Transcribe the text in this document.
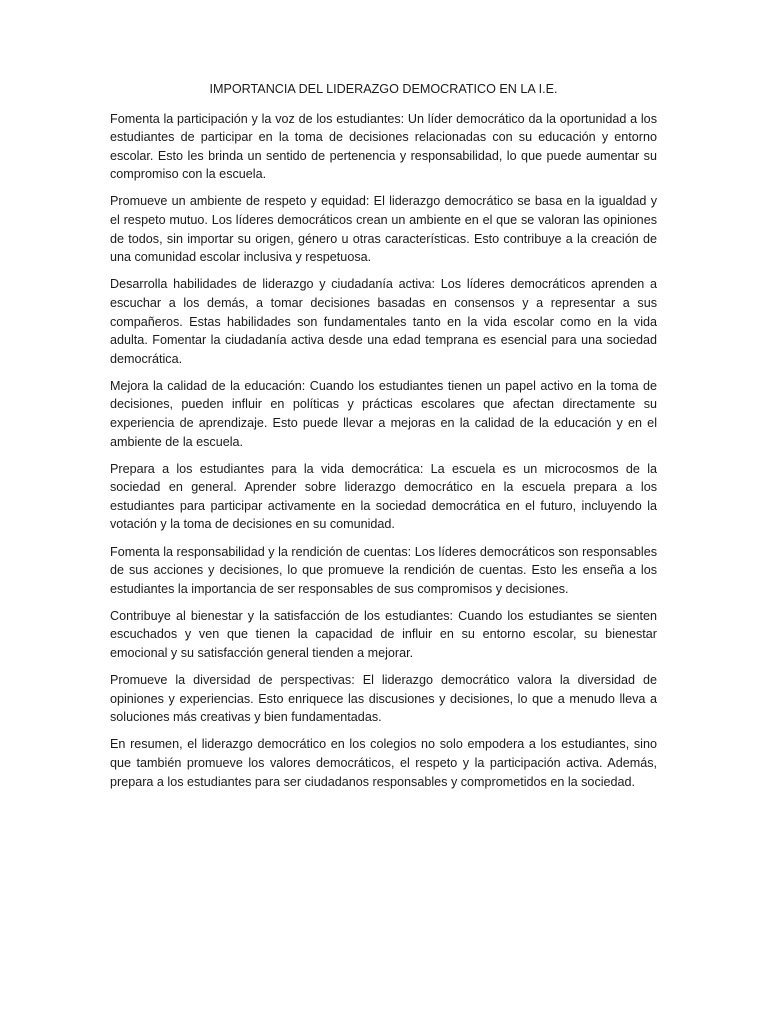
IMPORTANCIA DEL LIDERAZGO DEMOCRATICO EN LA I.E.

Fomenta la participación y la voz de los estudiantes: Un líder democrático da la oportunidad a los estudiantes de participar en la toma de decisiones relacionadas con su educación y entorno escolar. Esto les brinda un sentido de pertenencia y responsabilidad, lo que puede aumentar su compromiso con la escuela.

Promueve un ambiente de respeto y equidad: El liderazgo democrático se basa en la igualdad y el respeto mutuo. Los líderes democráticos crean un ambiente en el que se valoran las opiniones de todos, sin importar su origen, género u otras características. Esto contribuye a la creación de una comunidad escolar inclusiva y respetuosa.

Desarrolla habilidades de liderazgo y ciudadanía activa: Los líderes democráticos aprenden a escuchar a los demás, a tomar decisiones basadas en consensos y a representar a sus compañeros. Estas habilidades son fundamentales tanto en la vida escolar como en la vida adulta. Fomentar la ciudadanía activa desde una edad temprana es esencial para una sociedad democrática.

Mejora la calidad de la educación: Cuando los estudiantes tienen un papel activo en la toma de decisiones, pueden influir en políticas y prácticas escolares que afectan directamente su experiencia de aprendizaje. Esto puede llevar a mejoras en la calidad de la educación y en el ambiente de la escuela.

Prepara a los estudiantes para la vida democrática: La escuela es un microcosmos de la sociedad en general. Aprender sobre liderazgo democrático en la escuela prepara a los estudiantes para participar activamente en la sociedad democrática en el futuro, incluyendo la votación y la toma de decisiones en su comunidad.

Fomenta la responsabilidad y la rendición de cuentas: Los líderes democráticos son responsables de sus acciones y decisiones, lo que promueve la rendición de cuentas. Esto les enseña a los estudiantes la importancia de ser responsables de sus compromisos y decisiones.

Contribuye al bienestar y la satisfacción de los estudiantes: Cuando los estudiantes se sienten escuchados y ven que tienen la capacidad de influir en su entorno escolar, su bienestar emocional y su satisfacción general tienden a mejorar.

Promueve la diversidad de perspectivas: El liderazgo democrático valora la diversidad de opiniones y experiencias. Esto enriquece las discusiones y decisiones, lo que a menudo lleva a soluciones más creativas y bien fundamentadas.

En resumen, el liderazgo democrático en los colegios no solo empodera a los estudiantes, sino que también promueve los valores democráticos, el respeto y la participación activa. Además, prepara a los estudiantes para ser ciudadanos responsables y comprometidos en la sociedad.
